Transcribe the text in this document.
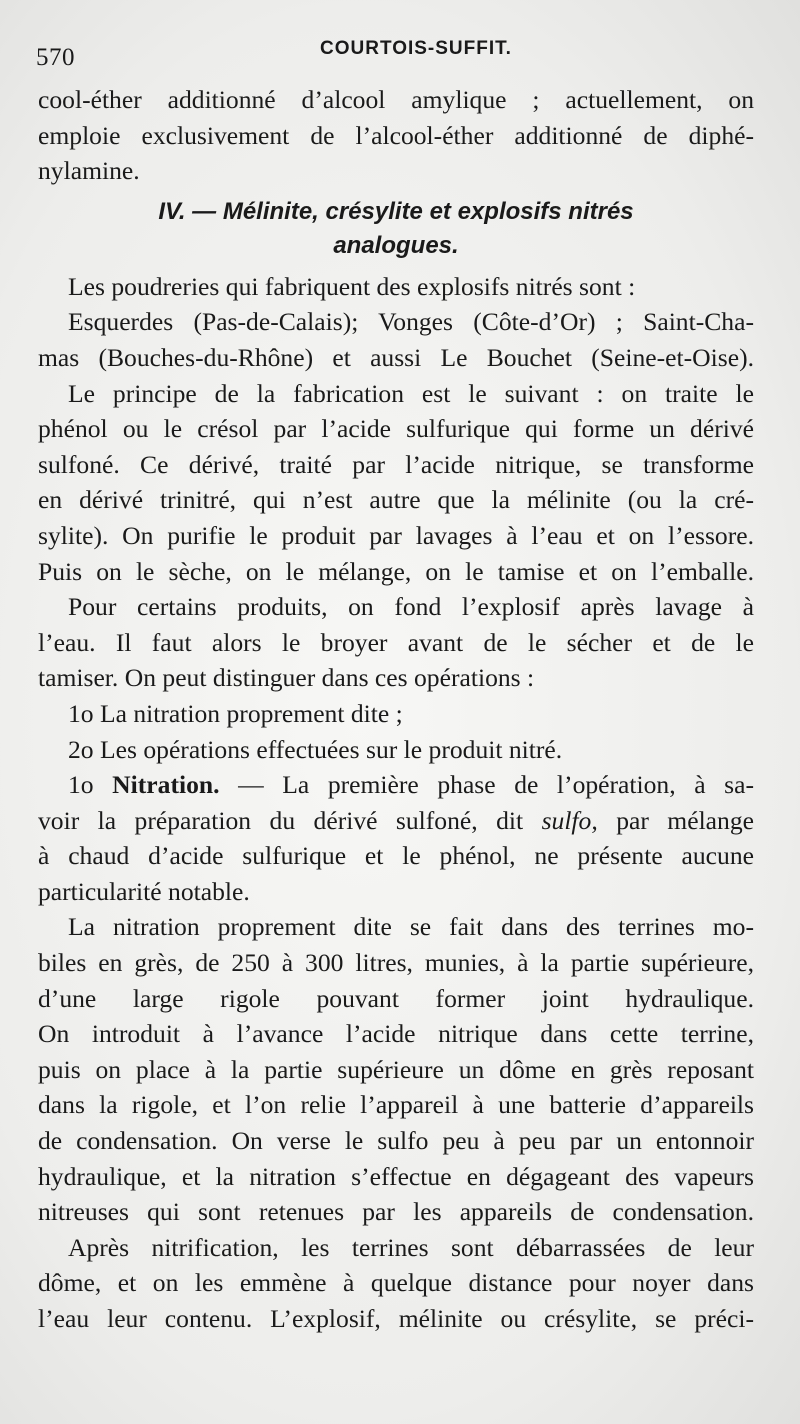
570	COURTOIS-SUFFIT.
cool-éther additionné d’alcool amylique ; actuellement, on
emploie exclusivement de l’alcool-éther additionné de diphé-
nylamine.
IV. — Mélinite, crésylite et explosifs nitrés
analogues.
Les poudreries qui fabriquent des explosifs nitrés sont :
Esquerdes (Pas-de-Calais); Vonges (Côte-d’Or) ; Saint-Cha-
mas (Bouches-du-Rhône) et aussi Le Bouchet (Seine-et-Oise).
Le principe de la fabrication est le suivant : on traite le
phénol ou le crésol par l’acide sulfurique qui forme un dérivé
sulfoné. Ce dérivé, traité par l’acide nitrique, se transforme
en dérivé trinitré, qui n’est autre que la mélinite (ou la cré-
sylite). On purifie le produit par lavages à l’eau et on l’essore.
Puis on le sèche, on le mélange, on le tamise et on l’emballe.
Pour certains produits, on fond l’explosif après lavage à
l’eau. Il faut alors le broyer avant de le sécher et de le
tamiser. On peut distinguer dans ces opérations :
1o La nitration proprement dite ;
2o Les opérations effectuées sur le produit nitré.
1o Nitration. — La première phase de l’opération, à sa-
voir la préparation du dérivé sulfoné, dit sulfo, par mélange
à chaud d’acide sulfurique et le phénol, ne présente aucune
particularité notable.
La nitration proprement dite se fait dans des terrines mo-
biles en grès, de 250 à 300 litres, munies, à la partie supérieure,
d’une large rigole pouvant former joint hydraulique.
On introduit à l’avance l’acide nitrique dans cette terrine,
puis on place à la partie supérieure un dôme en grès reposant
dans la rigole, et l’on relie l’appareil à une batterie d’appareils
de condensation. On verse le sulfo peu à peu par un entonnoir
hydraulique, et la nitration s’effectue en dégageant des vapeurs
nitreuses qui sont retenues par les appareils de condensation.
Après nitrification, les terrines sont débarrassées de leur
dôme, et on les emmène à quelque distance pour noyer dans
l’eau leur contenu. L’explosif, mélinite ou crésylite, se préci-
